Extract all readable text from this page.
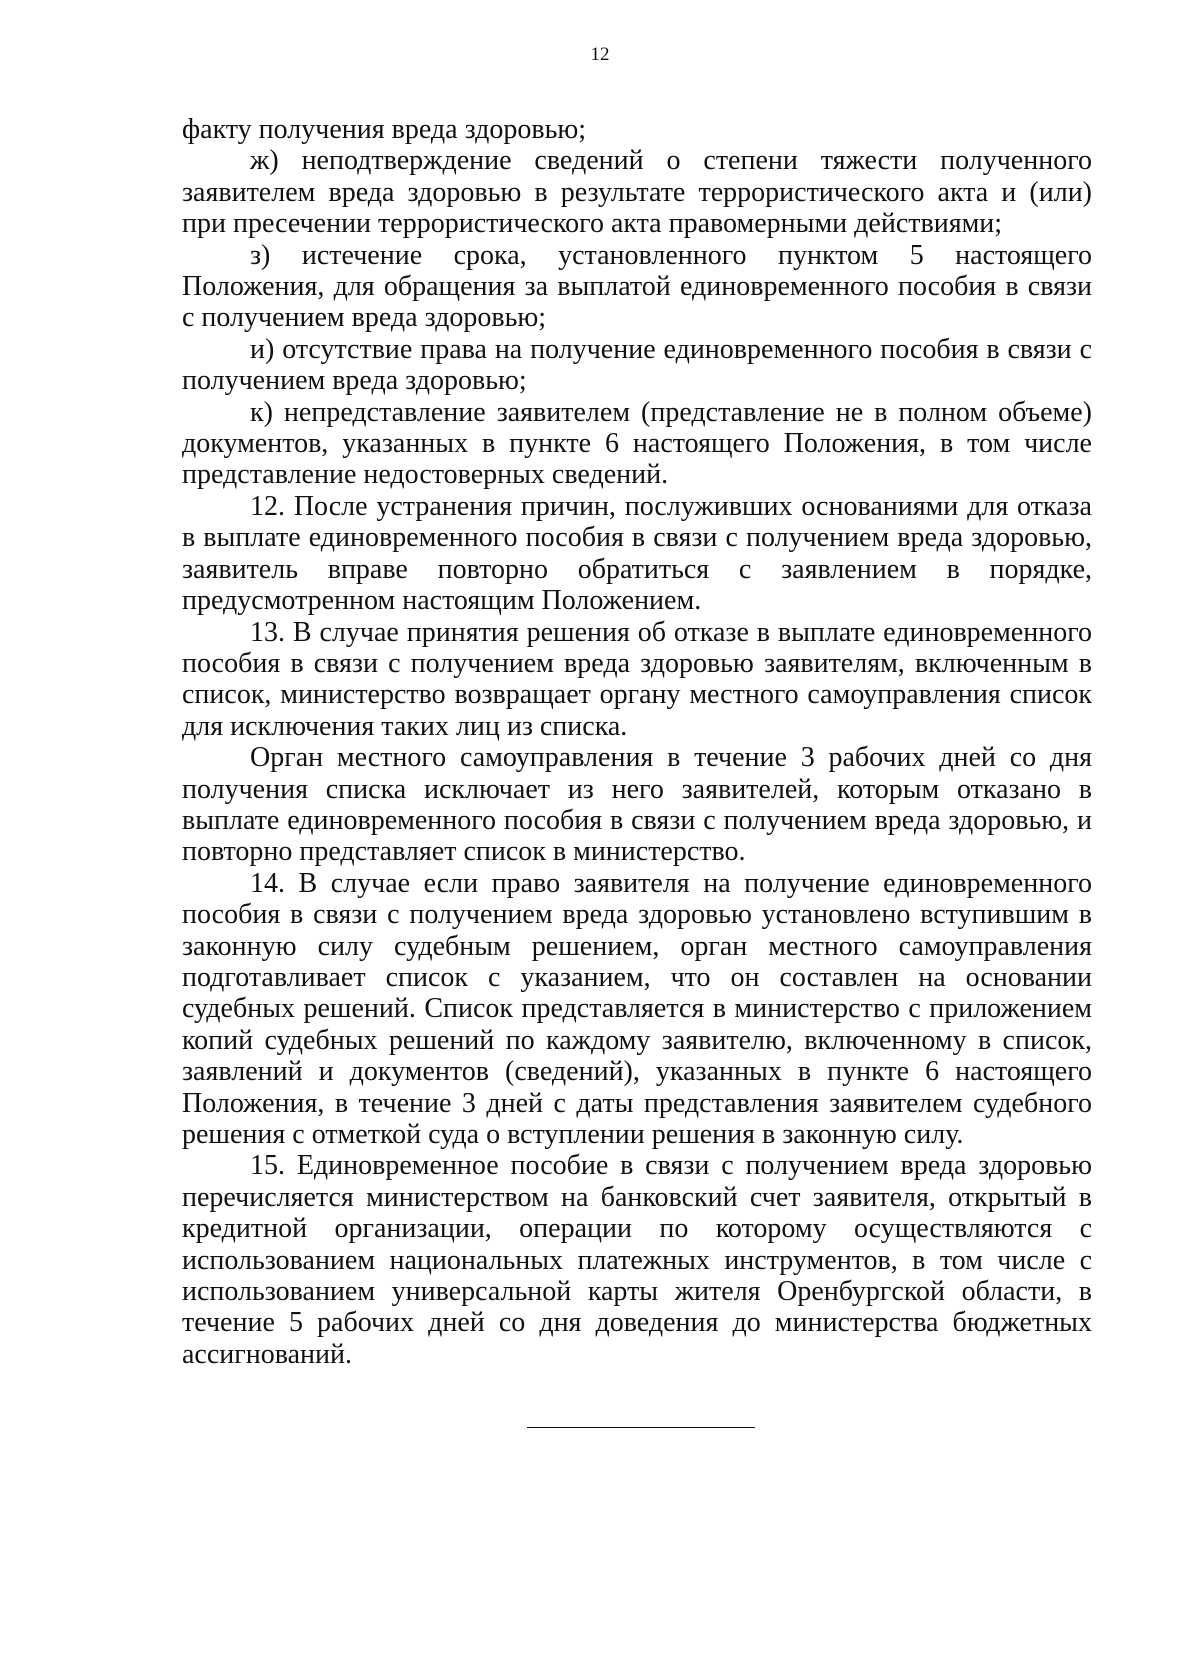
12

факту получения вреда здоровью;

ж) неподтверждение сведений о степени тяжести полученного заявителем вреда здоровью в результате террористического акта и (или) при пресечении террористического акта правомерными действиями;

з) истечение срока, установленного пунктом 5 настоящего Положения, для обращения за выплатой единовременного пособия в связи с получением вреда здоровью;

и) отсутствие права на получение единовременного пособия в связи с получением вреда здоровью;

к) непредставление заявителем (представление не в полном объеме) документов, указанных в пункте 6 настоящего Положения, в том числе представление недостоверных сведений.

12. После устранения причин, послуживших основаниями для отказа в выплате единовременного пособия в связи с получением вреда здоровью, заявитель вправе повторно обратиться с заявлением в порядке, предусмотренном настоящим Положением.

13. В случае принятия решения об отказе в выплате единовременного пособия в связи с получением вреда здоровью заявителям, включенным в список, министерство возвращает органу местного самоуправления список для исключения таких лиц из списка.

Орган местного самоуправления в течение 3 рабочих дней со дня получения списка исключает из него заявителей, которым отказано в выплате единовременного пособия в связи с получением вреда здоровью, и повторно представляет список в министерство.

14. В случае если право заявителя на получение единовременного пособия в связи с получением вреда здоровью установлено вступившим в законную силу судебным решением, орган местного самоуправления подготавливает список с указанием, что он составлен на основании судебных решений. Список представляется в министерство с приложением копий судебных решений по каждому заявителю, включенному в список, заявлений и документов (сведений), указанных в пункте 6 настоящего Положения, в течение 3 дней с даты представления заявителем судебного решения с отметкой суда о вступлении решения в законную силу.

15. Единовременное пособие в связи с получением вреда здоровью перечисляется министерством на банковский счет заявителя, открытый в кредитной организации, операции по которому осуществляются с использованием национальных платежных инструментов, в том числе с использованием универсальной карты жителя Оренбургской области, в течение 5 рабочих дней со дня доведения до министерства бюджетных ассигнований.
